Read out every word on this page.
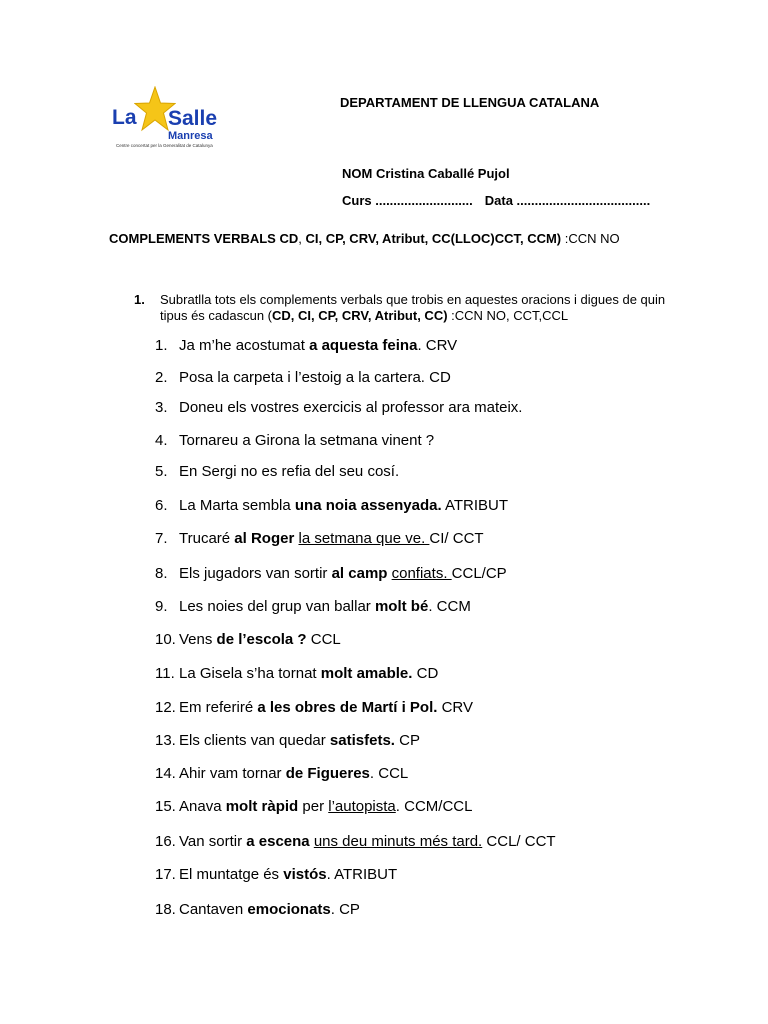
La Salle
Manresa
Centre concertat per la Generalitat de Catalunya
DEPARTAMENT DE LLENGUA CATALANA
NOM Cristina Caballé Pujol
Curs ........................... Data .....................................
COMPLEMENTS VERBALS CD, CI, CP, CRV, Atribut, CC(LLOC)CCT, CCM) :CCN NO
1. Subratlla tots els complements verbals que trobis en aquestes oracions i digues de quin tipus és cadascun (CD, CI, CP, CRV, Atribut, CC) :CCN NO, CCT,CCL
1. Ja m’he acostumat a aquesta feina. CRV
2. Posa la carpeta i l’estoig a la cartera. CD
3. Doneu els vostres exercicis al professor ara mateix.
4. Tornareu a Girona la setmana vinent ?
5. En Sergi no es refia del seu cosí.
6. La Marta sembla una noia assenyada. ATRIBUT
7. Trucaré al Roger la setmana que ve. CI/ CCT
8. Els jugadors van sortir al camp confiats. CCL/CP
9. Les noies del grup van ballar molt bé. CCM
10. Vens de l’escola ? CCL
11. La Gisela s’ha tornat molt amable. CD
12. Em referiré a les obres de Martí i Pol. CRV
13. Els clients van quedar satisfets. CP
14. Ahir vam tornar de Figueres. CCL
15. Anava molt ràpid per l’autopista. CCM/CCL
16. Van sortir a escena uns deu minuts més tard. CCL/ CCT
17. El muntatge és vistós. ATRIBUT
18. Cantaven emocionats. CP
